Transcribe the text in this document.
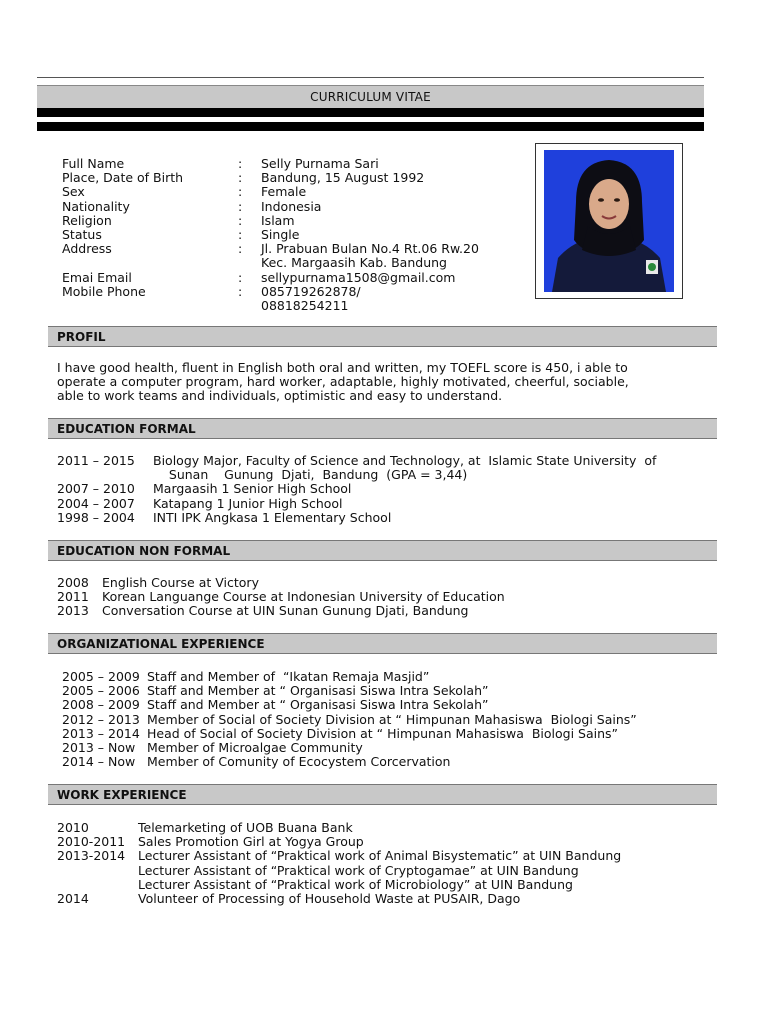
CURRICULUM VITAE
Full Name	: Selly Purnama Sari
Place, Date of Birth	: Bandung, 15 August 1992
Sex	: Female
Nationality	: Indonesia
Religion	: Islam
Status	: Single
Address	: Jl. Prabuan Bulan No.4 Rt.06 Rw.20
Kec. Margaasih Kab. Bandung
Emai Email	: sellypurnama1508@gmail.com
Mobile Phone	: 085719262878/
08818254211
PROFIL
I have good health, fluent in English both oral and written, my TOEFL score is 450, i able to
operate a computer program, hard worker, adaptable, highly motivated, cheerful, sociable,
able to work teams and individuals, optimistic and easy to understand.
EDUCATION FORMAL
2011 – 2015 Biology Major, Faculty of Science and Technology, at  Islamic State University  of
Sunan    Gunung  Djati,  Bandung  (GPA = 3,44)
2007 – 2010 Margaasih 1 Senior High School
2004 – 2007 Katapang 1 Junior High School
1998 – 2004 INTI IPK Angkasa 1 Elementary School
EDUCATION NON FORMAL
2008 English Course at Victory
2011 Korean Languange Course at Indonesian University of Education
2013 Conversation Course at UIN Sunan Gunung Djati, Bandung
ORGANIZATIONAL EXPERIENCE
2005 – 2009 Staff and Member of  “Ikatan Remaja Masjid”
2005 – 2006 Staff and Member at “ Organisasi Siswa Intra Sekolah”
2008 – 2009 Staff and Member at “ Organisasi Siswa Intra Sekolah”
2012 – 2013 Member of Social of Society Division at “ Himpunan Mahasiswa  Biologi Sains”
2013 – 2014 Head of Social of Society Division at “ Himpunan Mahasiswa  Biologi Sains”
2013 – Now Member of Microalgae Community
2014 – Now Member of Comunity of Ecocystem Corcervation
WORK EXPERIENCE
2010	Telemarketing of UOB Buana Bank
2010-2011 Sales Promotion Girl at Yogya Group
2013-2014 Lecturer Assistant of “Praktical work of Animal Bisystematic” at UIN Bandung
Lecturer Assistant of “Praktical work of Cryptogamae” at UIN Bandung
Lecturer Assistant of “Praktical work of Microbiology” at UIN Bandung
2014	Volunteer of Processing of Household Waste at PUSAIR, Dago
